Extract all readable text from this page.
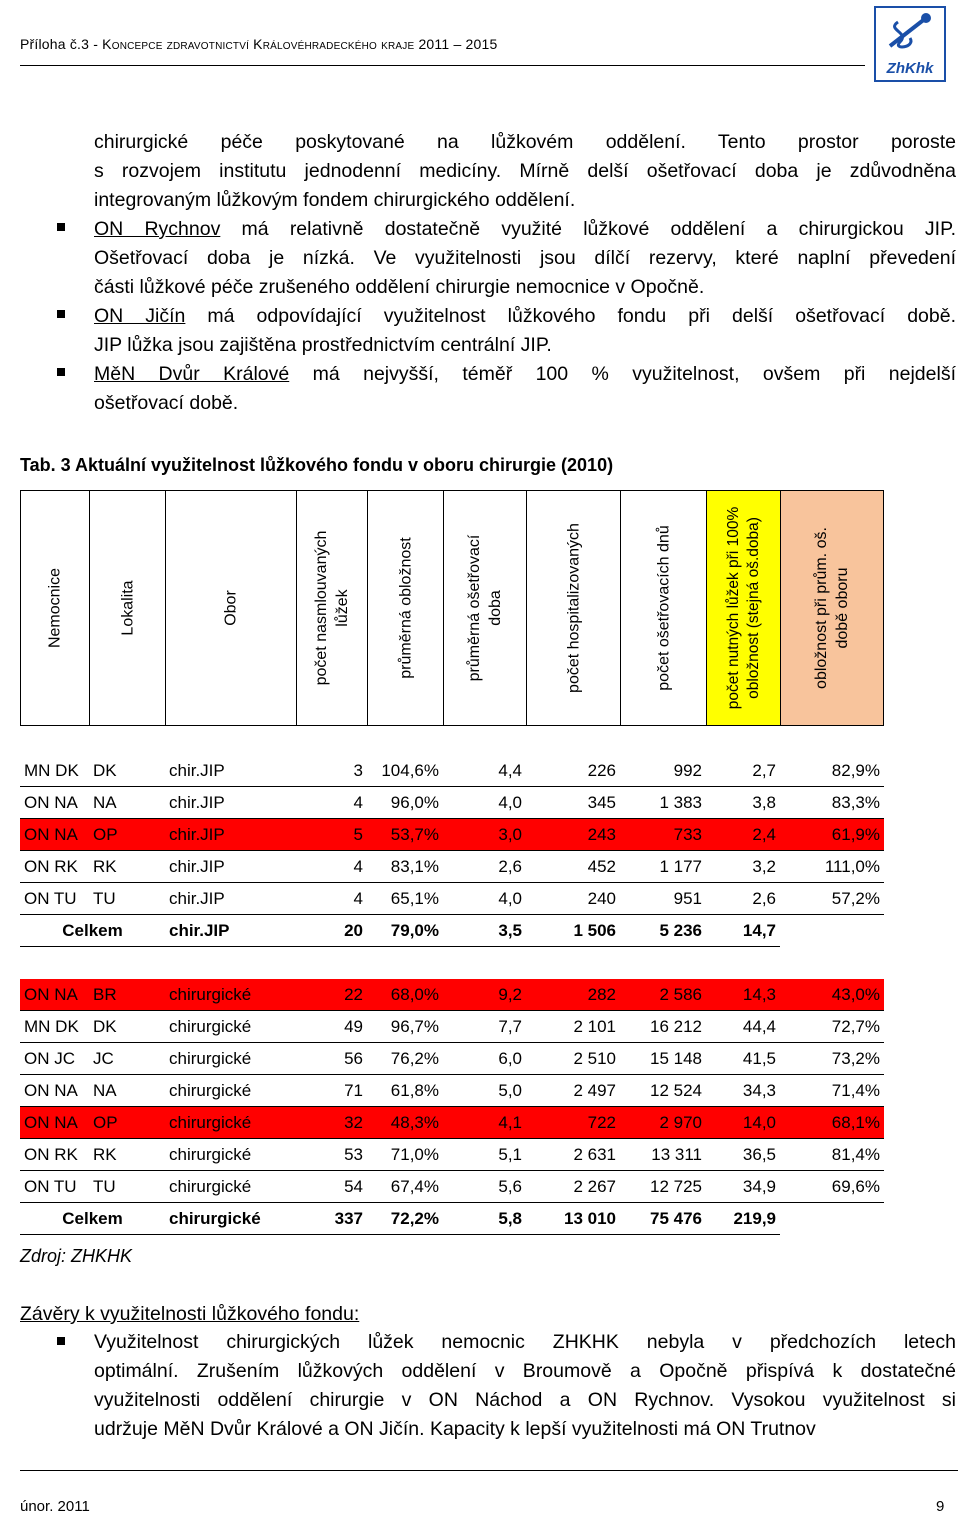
Příloha č.3 - Koncepce zdravotnictví Královéhradeckého kraje 2011 – 2015
ZhKhk
chirurgické péče poskytované na lůžkovém oddělení. Tento prostor poroste
s rozvojem institutu jednodenní medicíny. Mírně delší ošetřovací doba je zdůvodněna
integrovaným lůžkovým fondem chirurgického oddělení.
ON Rychnov má relativně dostatečně využité lůžkové oddělení a chirurgickou JIP.
Ošetřovací doba je nízká. Ve využitelnosti jsou dílčí rezervy, které naplní převedení
části lůžkové péče zrušeného oddělení chirurgie nemocnice v Opočně.
ON Jičín má odpovídající využitelnost lůžkového fondu při delší ošetřovací době.
JIP lůžka jsou zajištěna prostřednictvím centrální JIP.
MěN Dvůr Králové má nejvyšší, téměř 100 % využitelnost, ovšem při nejdelší
ošetřovací době.
Tab. 3 Aktuální využitelnost lůžkového fondu v oboru chirurgie (2010)
Nemocnice	Lokalita	Obor	počet nasmlouvaných lůžek	průměrná obložnost	průměrná ošetřovací doba	počet hospitalizovaných	počet ošetřovacích dnů	počet nutných lůžek při 100% obložnost (stejná oš.doba)	obložnost při prům. oš. době oboru
MN DK	DK	chir.JIP	3	104,6%	4,4	226	992	2,7	82,9%
ON NA	NA	chir.JIP	4	96,0%	4,0	345	1 383	3,8	83,3%
ON NA	OP	chir.JIP	5	53,7%	3,0	243	733	2,4	61,9%
ON RK	RK	chir.JIP	4	83,1%	2,6	452	1 177	3,2	111,0%
ON TU	TU	chir.JIP	4	65,1%	4,0	240	951	2,6	57,2%
Celkem		chir.JIP	20	79,0%	3,5	1 506	5 236	14,7	
ON NA	BR	chirurgické	22	68,0%	9,2	282	2 586	14,3	43,0%
MN DK	DK	chirurgické	49	96,7%	7,7	2 101	16 212	44,4	72,7%
ON JC	JC	chirurgické	56	76,2%	6,0	2 510	15 148	41,5	73,2%
ON NA	NA	chirurgické	71	61,8%	5,0	2 497	12 524	34,3	71,4%
ON NA	OP	chirurgické	32	48,3%	4,1	722	2 970	14,0	68,1%
ON RK	RK	chirurgické	53	71,0%	5,1	2 631	13 311	36,5	81,4%
ON TU	TU	chirurgické	54	67,4%	5,6	2 267	12 725	34,9	69,6%
Celkem		chirurgické	337	72,2%	5,8	13 010	75 476	219,9	
Zdroj: ZHKHK
Závěry k využitelnosti lůžkového fondu:
Využitelnost chirurgických lůžek nemocnic ZHKHK nebyla v předchozích letech
optimální. Zrušením lůžkových oddělení v Broumově a Opočně přispívá k dostatečné
využitelnosti oddělení chirurgie v ON Náchod a ON Rychnov. Vysokou využitelnost si
udržuje MěN Dvůr Králové a ON Jičín. Kapacity k lepší využitelnosti má ON Trutnov
únor. 2011	9
